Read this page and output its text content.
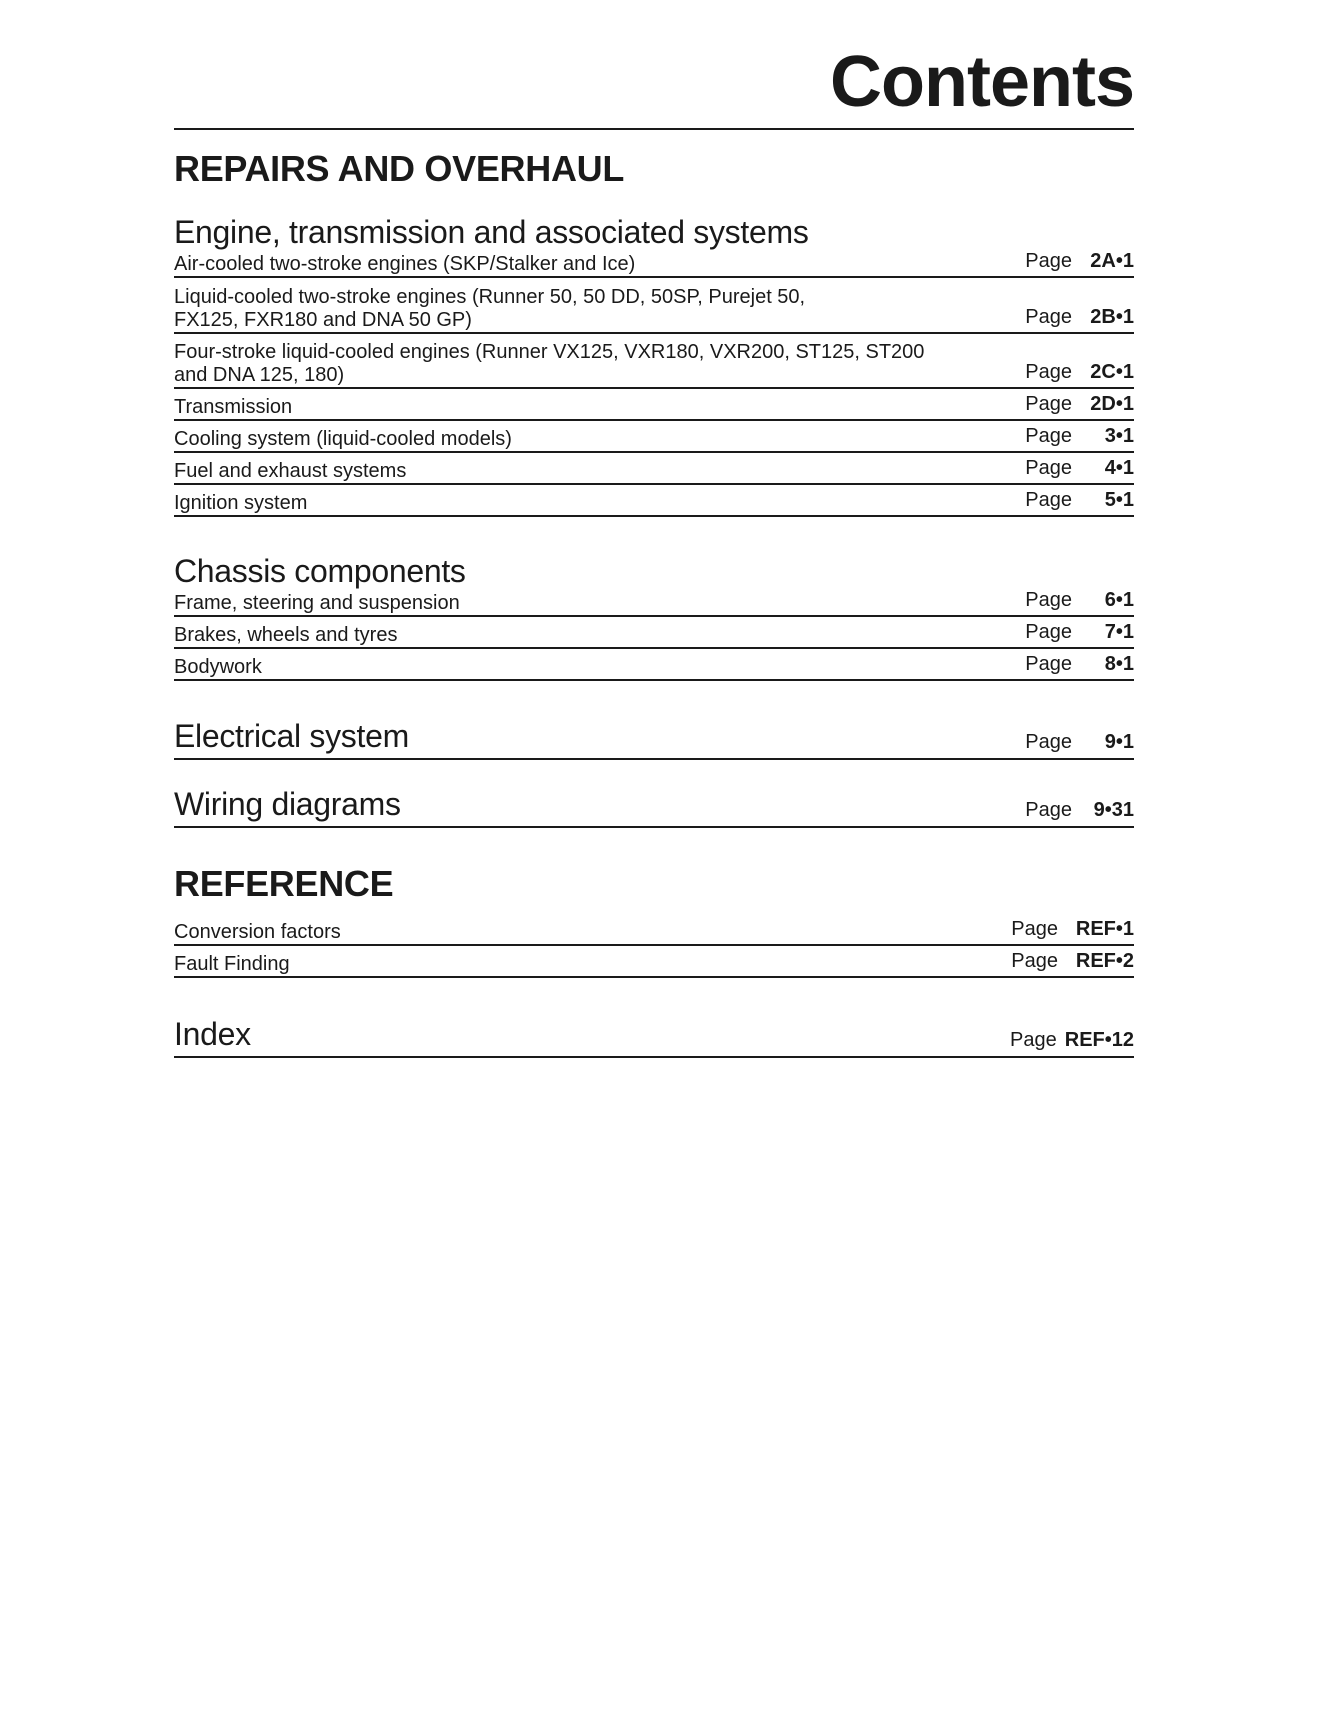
Contents
REPAIRS AND OVERHAUL
Engine, transmission and associated systems
Air-cooled two-stroke engines (SKP/Stalker and Ice)	Page 2A•1
Liquid-cooled two-stroke engines (Runner 50, 50 DD, 50SP, Purejet 50,
FX125, FXR180 and DNA 50 GP)	Page 2B•1
Four-stroke liquid-cooled engines (Runner VX125, VXR180, VXR200, ST125, ST200
and DNA 125, 180)	Page 2C•1
Transmission	Page 2D•1
Cooling system (liquid-cooled models)	Page 3•1
Fuel and exhaust systems	Page 4•1
Ignition system	Page 5•1
Chassis components
Frame, steering and suspension	Page 6•1
Brakes, wheels and tyres	Page 7•1
Bodywork	Page 8•1
Electrical system	Page 9•1
Wiring diagrams	Page 9•31
REFERENCE
Conversion factors	Page REF•1
Fault Finding	Page REF•2
Index	Page REF•12
